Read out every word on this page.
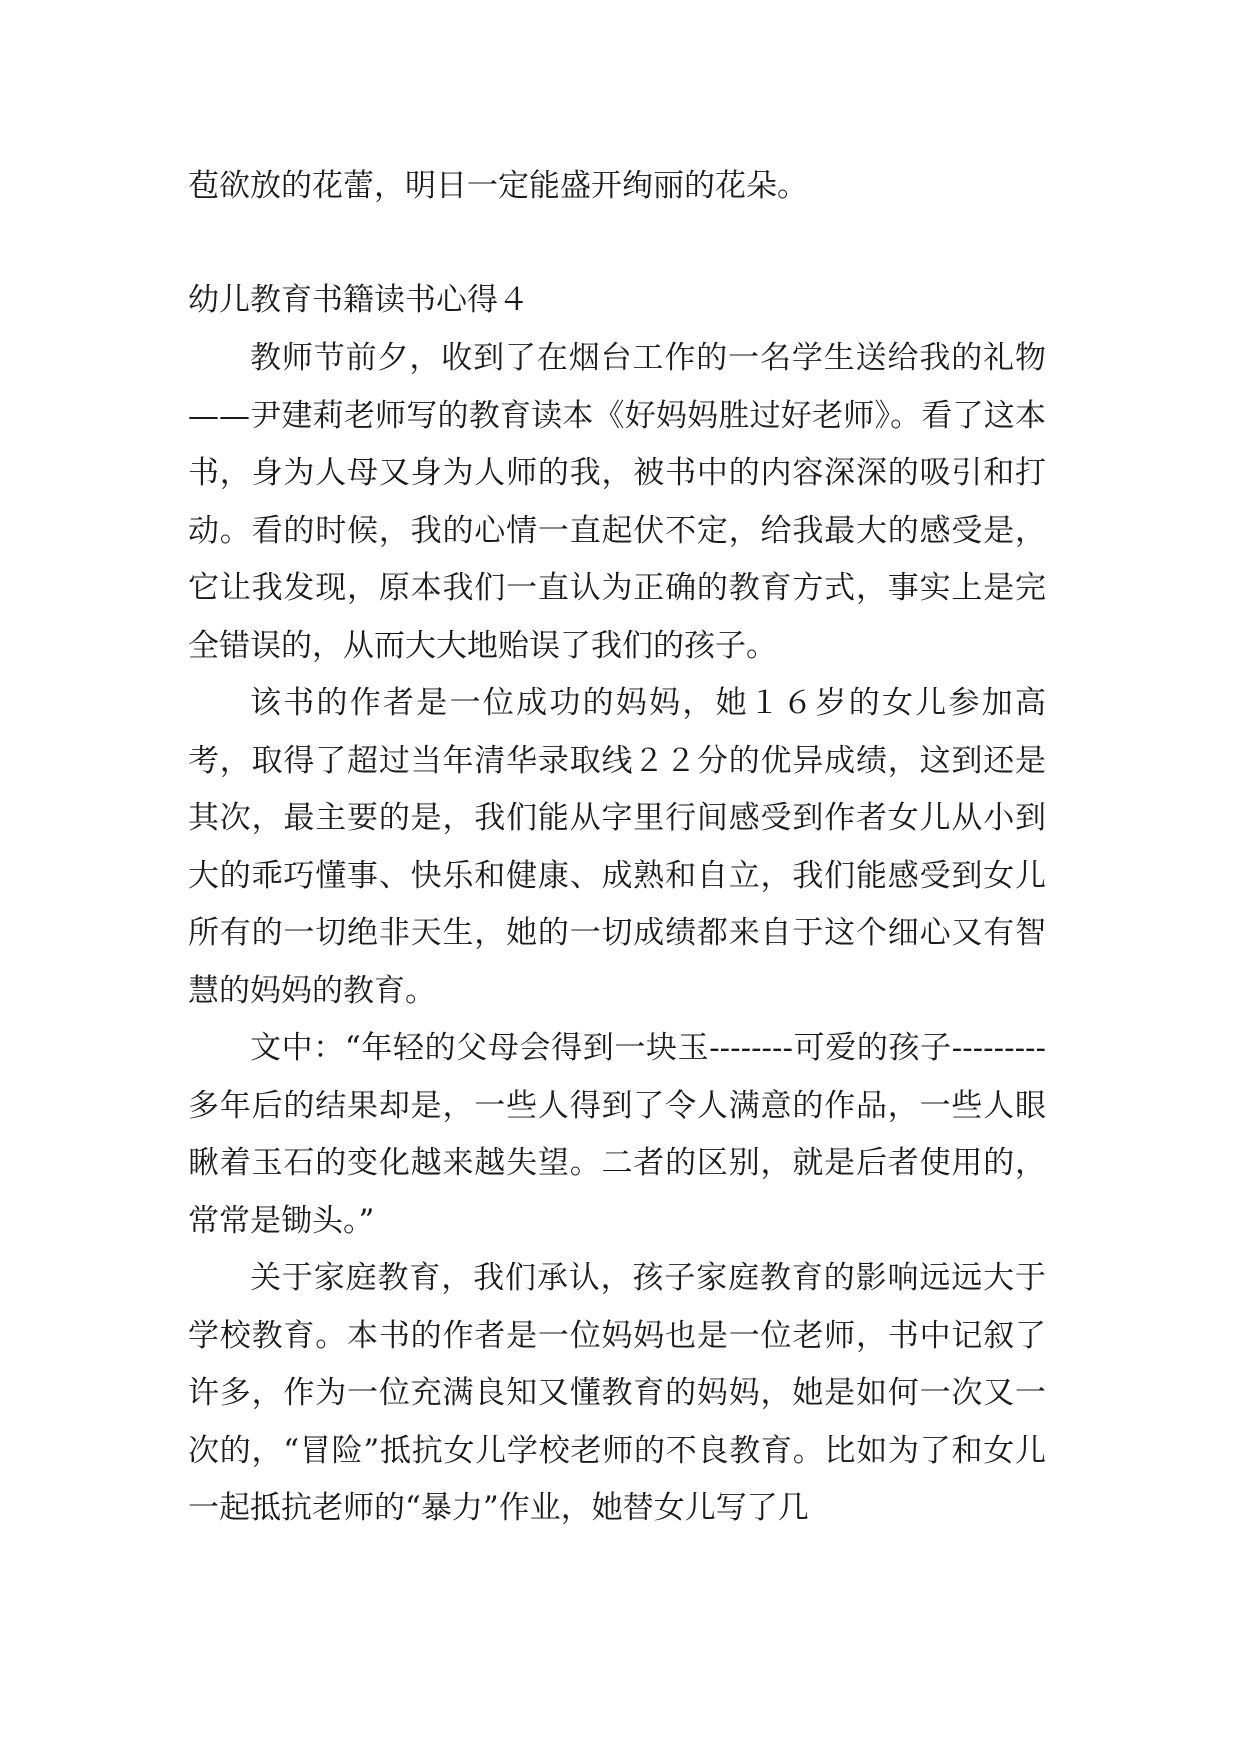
苞欲放的花蕾，明日一定能盛开绚丽的花朵。
幼儿教育书籍读书心得４

教师节前夕，收到了在烟台工作的一名学生送给我的礼物——尹建莉老师写的教育读本《好妈妈胜过好老师》。看了这本书，身为人母又身为人师的我，被书中的内容深深的吸引和打动。看的时候，我的心情一直起伏不定，给我最大的感受是，它让我发现，原本我们一直认为正确的教育方式，事实上是完全错误的，从而大大地贻误了我们的孩子。

该书的作者是一位成功的妈妈，她１６岁的女儿参加高考，取得了超过当年清华录取线２２分的优异成绩，这到还是其次，最主要的是，我们能从字里行间感受到作者女儿从小到大的乖巧懂事、快乐和健康、成熟和自立，我们能感受到女儿所有的一切绝非天生，她的一切成绩都来自于这个细心又有智慧的妈妈的教育。

文中：“年轻的父母会得到一块玉--------可爱的孩子---------多年后的结果却是，一些人得到了令人满意的作品，一些人眼瞅着玉石的变化越来越失望。二者的区别，就是后者使用的，常常是锄头。”

关于家庭教育，我们承认，孩子家庭教育的影响远远大于学校教育。本书的作者是一位妈妈也是一位老师，书中记叙了许多，作为一位充满良知又懂教育的妈妈，她是如何一次又一次的，“冒险”抵抗女儿学校老师的不良教育。比如为了和女儿一起抵抗老师的“暴力”作业，她替女儿写了几
